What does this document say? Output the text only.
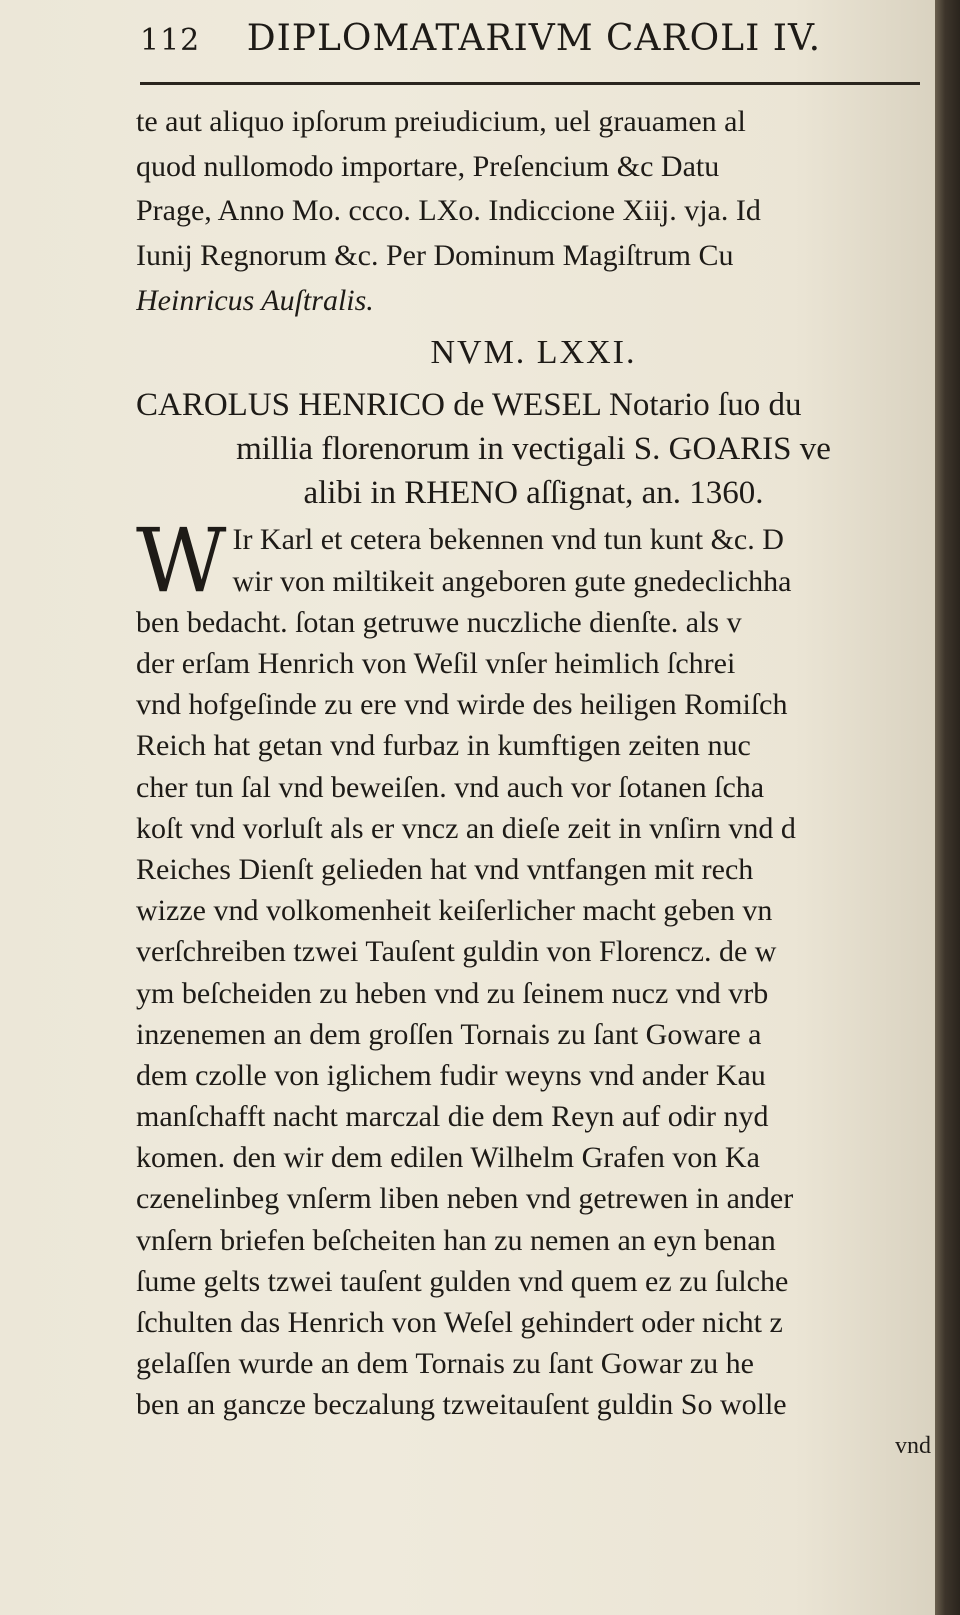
112 DIPLOMATARIVM CAROLI IV.
te aut aliquo ipſorum preiudicium, uel grauamen al
quod nullomodo importare, Preſencium &c Datu
Prage, Anno Mo. ccco. LXo. Indiccione Xiij. vja. Id
Iunij Regnorum &c. Per Dominum Magiſtrum Cu
Heinricus Auſtralis.
NVM. LXXI.
CAROLUS HENRICO de WESEL Notario ſuo du
millia florenorum in vectigali S. GOARIS ve
alibi in RHENO aſſignat, an. 1360.
W Ir Karl et cetera bekennen vnd tun kunt &c. D
wir von miltikeit angeboren gute gnedeclichha
ben bedacht. ſotan getruwe nuczliche dienſte. als v
der erſam Henrich von Weſil vnſer heimlich ſchrei
vnd hofgeſinde zu ere vnd wirde des heiligen Romiſch
Reich hat getan vnd furbaz in kumftigen zeiten nuc
cher tun ſal vnd beweiſen. vnd auch vor ſotanen ſcha
koſt vnd vorluſt als er vncz an dieſe zeit in vnſirn vnd d
Reiches Dienſt gelieden hat vnd vntfangen mit rech
wizze vnd volkomenheit keiſerlicher macht geben vn
verſchreiben tzwei Tauſent guldin von Florencz. de w
ym beſcheiden zu heben vnd zu ſeinem nucz vnd vrb
inzenemen an dem groſſen Tornais zu ſant Goware a
dem czolle von iglichem fudir weyns vnd ander Kau
manſchafft nacht marczal die dem Reyn auf odir nyd
komen. den wir dem edilen Wilhelm Grafen von Ka
czenelinbeg vnſerm liben neben vnd getrewen in ander
vnſern briefen beſcheiten han zu nemen an eyn benan
ſume gelts tzwei tauſent gulden vnd quem ez zu ſulche
ſchulten das Henrich von Weſel gehindert oder nicht z
gelaſſen wurde an dem Tornais zu ſant Gowar zu he
ben an gancze beczalung tzweitauſent guldin So wolle
vnd
